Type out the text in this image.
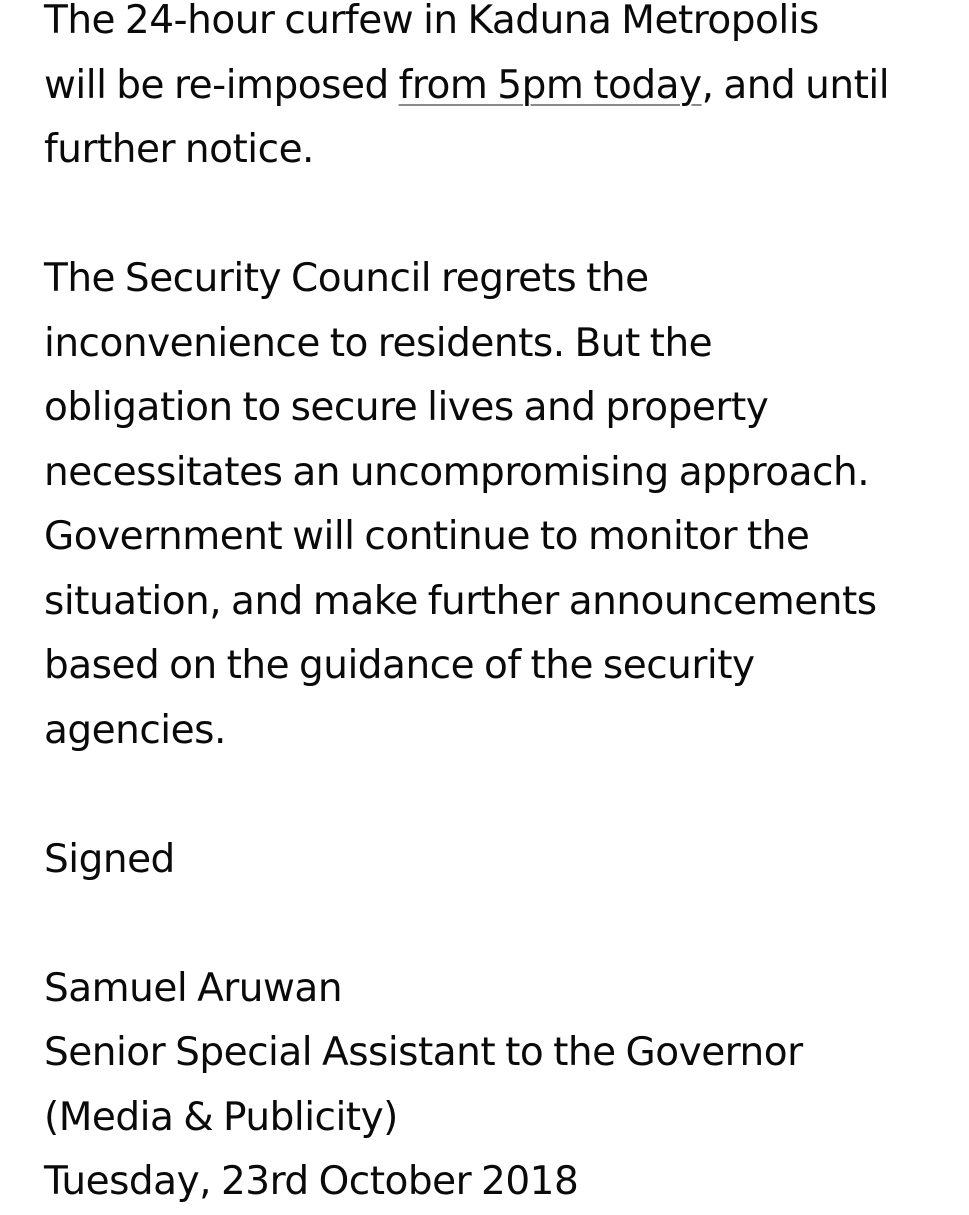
The 24-hour curfew in Kaduna Metropolis
will be re-imposed from 5pm today, and until
further notice.
The Security Council regrets the
inconvenience to residents. But the
obligation to secure lives and property
necessitates an uncompromising approach.
Government will continue to monitor the
situation, and make further announcements
based on the guidance of the security
agencies.
Signed
Samuel Aruwan
Senior Special Assistant to the Governor
(Media & Publicity)
Tuesday, 23rd October 2018
